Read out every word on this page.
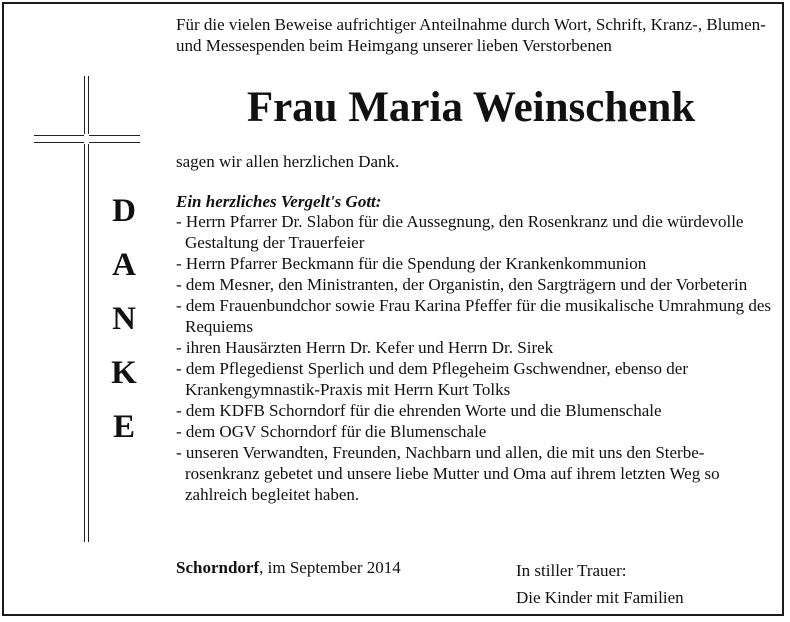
D
A
N
K
E
Für die vielen Beweise aufrichtiger Anteilnahme durch Wort, Schrift, Kranz-, Blumen- und Messespenden beim Heimgang unserer lieben Verstorbenen
Frau Maria Weinschenk
sagen wir allen herzlichen Dank.
Ein herzliches Vergelt's Gott:
- Herrn Pfarrer Dr. Slabon für die Aussegnung, den Rosenkranz und die würdevolle Gestaltung der Trauerfeier
- Herrn Pfarrer Beckmann für die Spendung der Krankenkommunion
- dem Mesner, den Ministranten, der Organistin, den Sargträgern und der Vorbeterin
- dem Frauenbundchor sowie Frau Karina Pfeffer für die musikalische Umrahmung des Requiems
- ihren Hausärzten Herrn Dr. Kefer und Herrn Dr. Sirek
- dem Pflegedienst Sperlich und dem Pflegeheim Gschwendner, ebenso der Krankengymnastik-Praxis mit Herrn Kurt Tolks
- dem KDFB Schorndorf für die ehrenden Worte und die Blumenschale
- dem OGV Schorndorf für die Blumenschale
- unseren Verwandten, Freunden, Nachbarn und allen, die mit uns den Sterbe-rosenkranz gebetet und unsere liebe Mutter und Oma auf ihrem letzten Weg so zahlreich begleitet haben.
Schorndorf, im September 2014	In stiller Trauer:
Die Kinder mit Familien
